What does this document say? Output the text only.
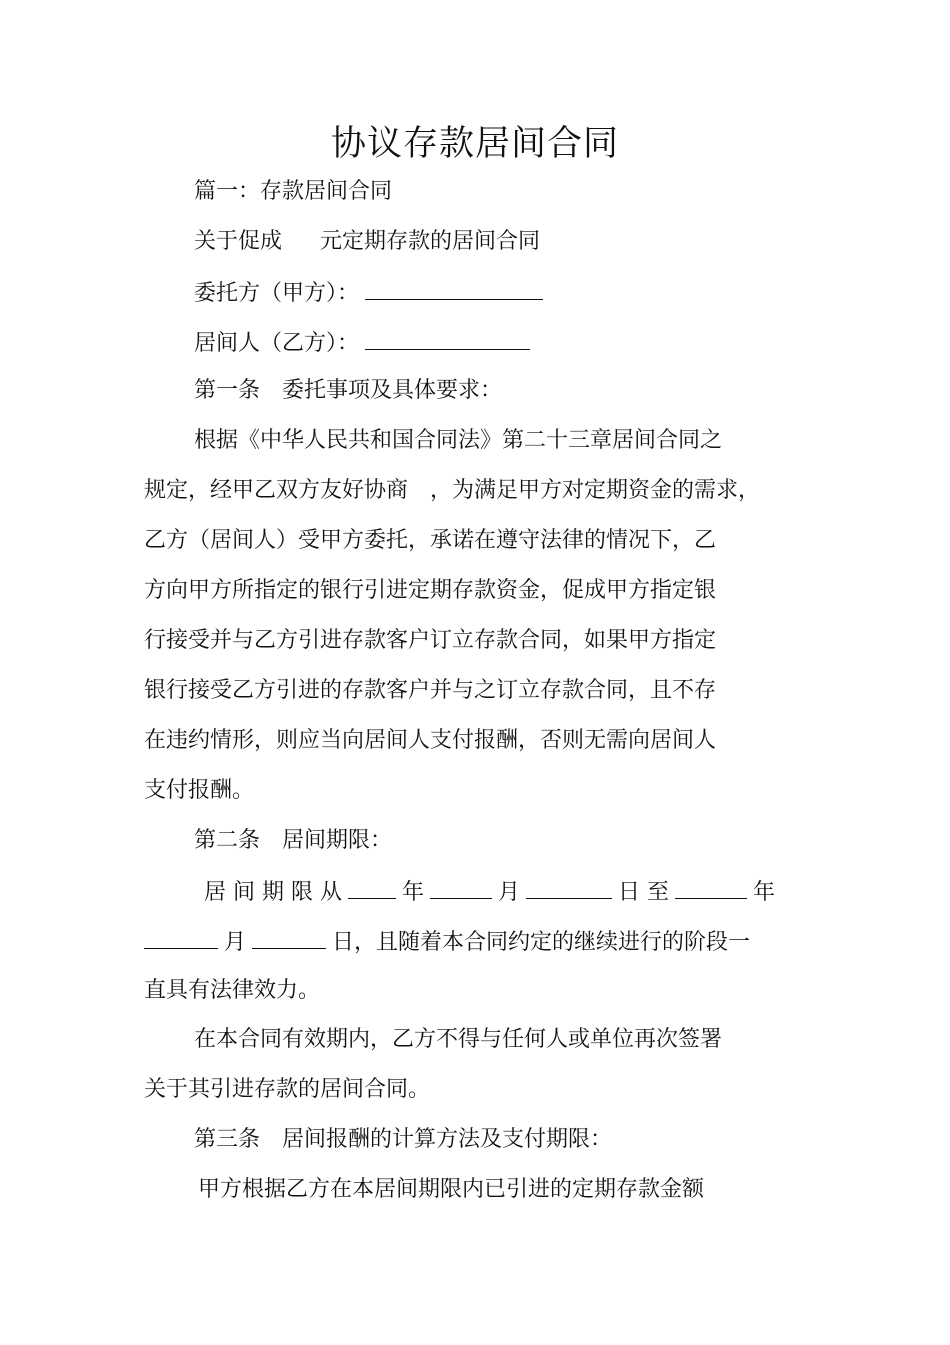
协议存款居间合同
篇一：存款居间合同
关于促成 元定期存款的居间合同
委托方（甲方）：
居间人（乙方）：
第一条　委托事项及具体要求：
根据《中华人民共和国合同法》第二十三章居间合同之
规定，经甲乙双方友好协商　，为满足甲方对定期资金的需求，
乙方（居间人）受甲方委托，承诺在遵守法律的情况下，乙
方向甲方所指定的银行引进定期存款资金，促成甲方指定银
行接受并与乙方引进存款客户订立存款合同，如果甲方指定
银行接受乙方引进的存款客户并与之订立存款合同，且不存
在违约情形，则应当向居间人支付报酬，否则无需向居间人
支付报酬。
第二条　居间期限：
居 间 期 限 从	年	月	日 至	年
月	日，且随着本合同约定的继续进行的阶段一
直具有法律效力。
在本合同有效期内，乙方不得与任何人或单位再次签署
关于其引进存款的居间合同。
第三条　居间报酬的计算方法及支付期限：
甲方根据乙方在本居间期限内已引进的定期存款金额
